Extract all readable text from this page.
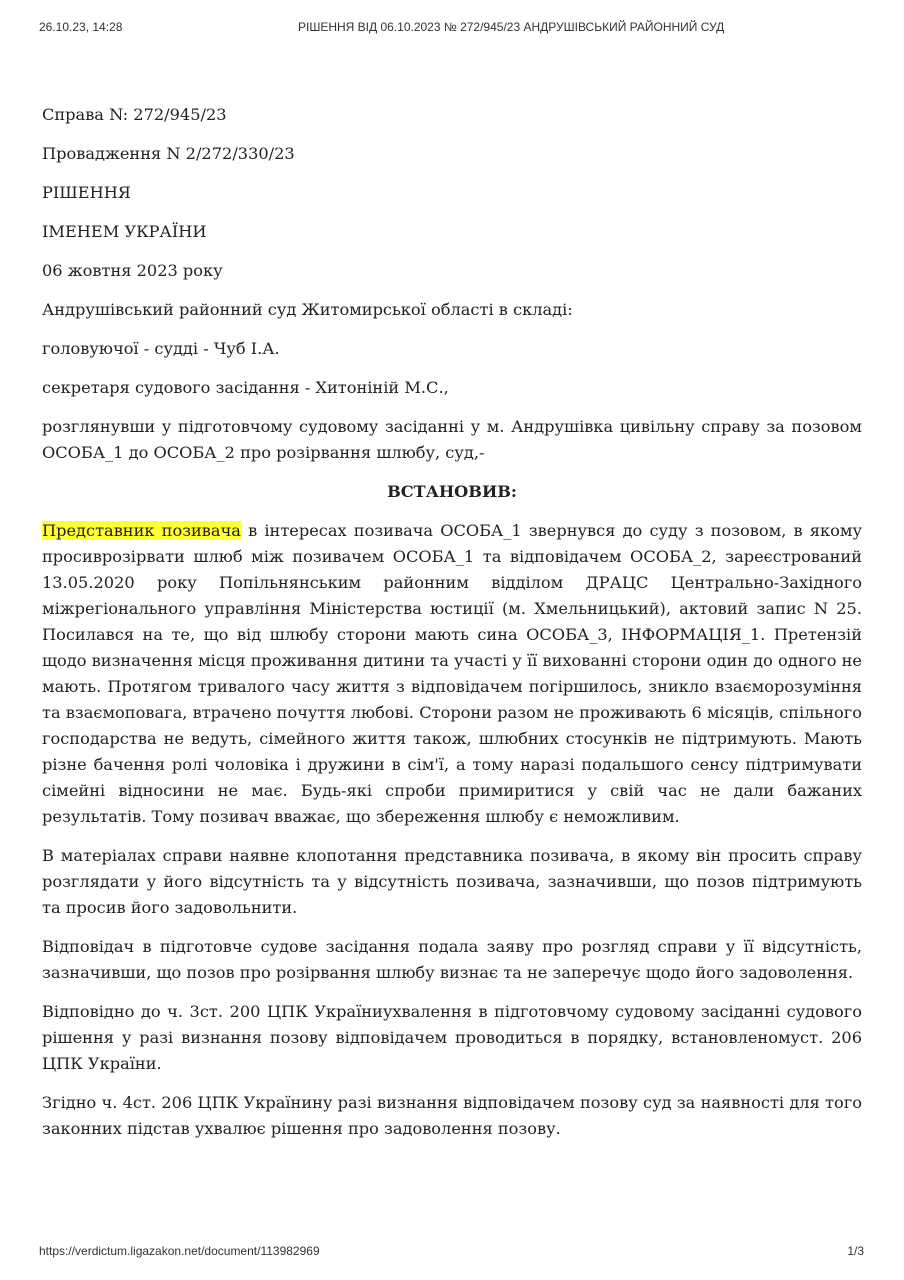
26.10.23, 14:28	РІШЕННЯ ВІД 06.10.2023 № 272/945/23 АНДРУШІВСЬКИЙ РАЙОННИЙ СУД

Справа N: 272/945/23

Провадження N 2/272/330/23

РІШЕННЯ

ІМЕНЕМ УКРАЇНИ

06 жовтня 2023 року

Андрушівський районний суд Житомирської області в складі:

головуючої - судді - Чуб І.А.

секретаря судового засідання - Хитоніній М.С.,

розглянувши у підготовчому судовому засіданні у м. Андрушівка цивільну справу за позовом ОСОБА_1 до ОСОБА_2 про розірвання шлюбу, суд,-

ВСТАНОВИВ:

Представник позивача в інтересах позивача ОСОБА_1 звернувся до суду з позовом, в якому просиврозірвати шлюб між позивачем ОСОБА_1 та відповідачем ОСОБА_2, зареєстрований 13.05.2020 року Попільнянським районним відділом ДРАЦС Центрально-Західного міжрегіонального управління Міністерства юстиції (м. Хмельницький), актовий запис N 25. Посилався на те, що від шлюбу сторони мають сина ОСОБА_3, ІНФОРМАЦІЯ_1. Претензій щодо визначення місця проживання дитини та участі у її вихованні сторони один до одного не мають. Протягом тривалого часу життя з відповідачем погіршилось, зникло взаєморозуміння та взаємоповага, втрачено почуття любові. Сторони разом не проживають 6 місяців, спільного господарства не ведуть, сімейного життя також, шлюбних стосунків не підтримують. Мають різне бачення ролі чоловіка і дружини в сім'ї, а тому наразі подальшого сенсу підтримувати сімейні відносини не має. Будь-які спроби примиритися у свій час не дали бажаних результатів. Тому позивач вважає, що збереження шлюбу є неможливим.

В матеріалах справи наявне клопотання представника позивача, в якому він просить справу розглядати у його відсутність та у відсутність позивача, зазначивши, що позов підтримують та просив його задовольнити.

Відповідач в підготовче судове засідання подала заяву про розгляд справи у її відсутність, зазначивши, що позов про розірвання шлюбу визнає та не заперечує щодо його задоволення.

Відповідно до ч. 3ст. 200 ЦПК Україниухвалення в підготовчому судовому засіданні судового рішення у разі визнання позову відповідачем проводиться в порядку, встановленомуст. 206 ЦПК України.

Згідно ч. 4ст. 206 ЦПК Українину разі визнання відповідачем позову суд за наявності для того законних підстав ухвалює рішення про задоволення позову.

https://verdictum.ligazakon.net/document/113982969	1/3
